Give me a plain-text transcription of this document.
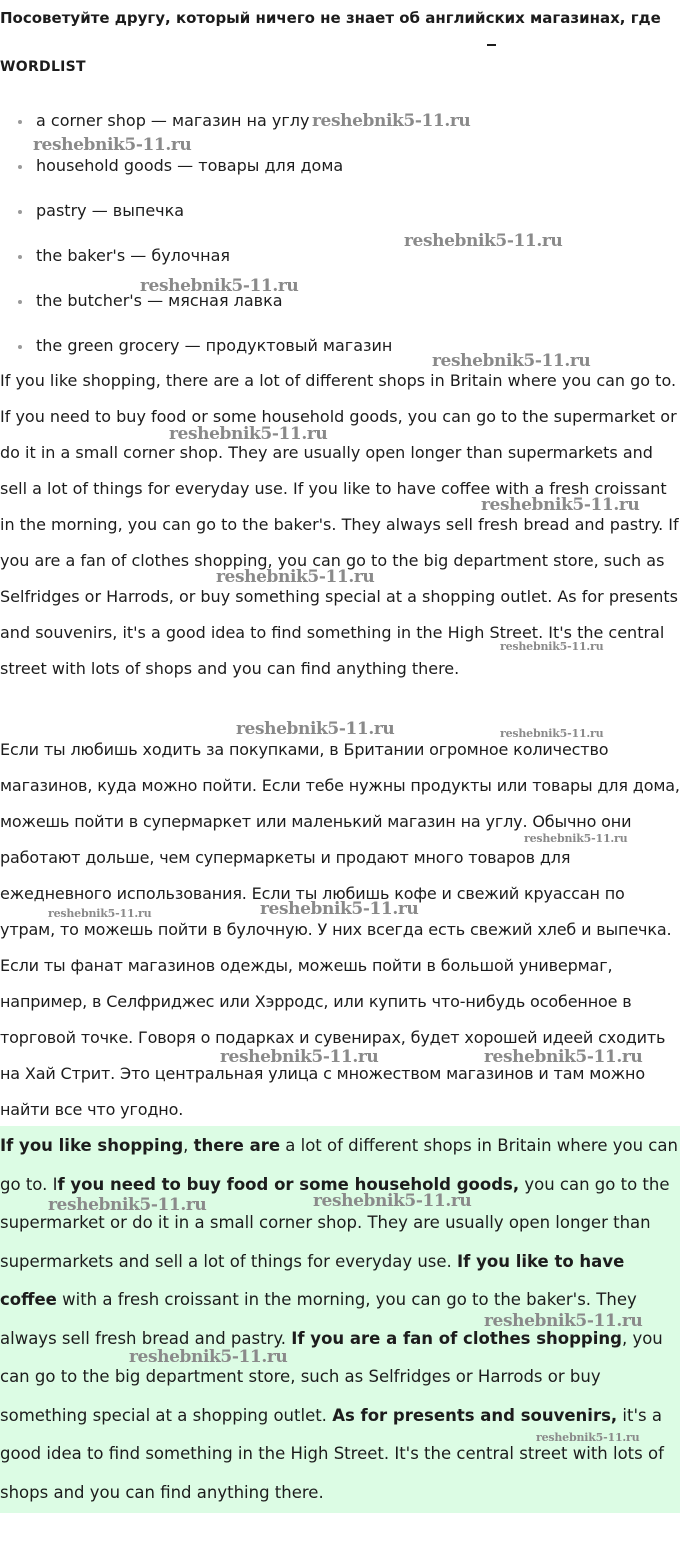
Посоветуйте другу, который ничего не знает об английских магазинах, где
WORDLIST
a corner shop — магазин на углу
household goods — товары для дома
pastry — выпечка
the baker's — булочная
the butcher's — мясная лавка
the green grocery — продуктовый магазин

If you like shopping, there are a lot of different shops in Britain where you can go to. If you need to buy food or some household goods, you can go to the supermarket or do it in a small corner shop. They are usually open longer than supermarkets and sell a lot of things for everyday use. If you like to have coffee with a fresh croissant in the morning, you can go to the baker's. They always sell fresh bread and pastry. If you are a fan of clothes shopping, you can go to the big department store, such as Selfridges or Harrods, or buy something special at a shopping outlet. As for presents and souvenirs, it's a good idea to find something in the High Street. It's the central street with lots of shops and you can find anything there.

Если ты любишь ходить за покупками, в Британии огромное количество магазинов, куда можно пойти. Если тебе нужны продукты или товары для дома, можешь пойти в супермаркет или маленький магазин на углу. Обычно они работают дольше, чем супермаркеты и продают много товаров для ежедневного использования. Если ты любишь кофе и свежий круассан по утрам, то можешь пойти в булочную. У них всегда есть свежий хлеб и выпечка. Если ты фанат магазинов одежды, можешь пойти в большой универмаг, например, в Селфриджес или Хэрродс, или купить что-нибудь особенное в торговой точке. Говоря о подарках и сувенирах, будет хорошей идеей сходить на Хай Стрит. Это центральная улица с множеством магазинов и там можно найти все что угодно.

If you like shopping, there are a lot of different shops in Britain where you can go to. If you need to buy food or some household goods, you can go to the supermarket or do it in a small corner shop. They are usually open longer than supermarkets and sell a lot of things for everyday use. If you like to have coffee with a fresh croissant in the morning, you can go to the baker's. They always sell fresh bread and pastry. If you are a fan of clothes shopping, you can go to the big department store, such as Selfridges or Harrods or buy something special at a shopping outlet. As for presents and souvenirs, it's a good idea to find something in the High Street. It's the central street with lots of shops and you can find anything there.

reshebnik5-11.ru
reshebnik5-11.ru
reshebnik5-11.ru
reshebnik5-11.ru
reshebnik5-11.ru
reshebnik5-11.ru
reshebnik5-11.ru
reshebnik5-11.ru
reshebnik5-11.ru
reshebnik5-11.ru	reshebnik5-11.ru
reshebnik5-11.ru
reshebnik5-11.ru
reshebnik5-11.ru
reshebnik5-11.ru	reshebnik5-11.ru
reshebnik5-11.ru
reshebnik5-11.ru
reshebnik5-11.ru
reshebnik5-11.ru
reshebnik5-11.ru
